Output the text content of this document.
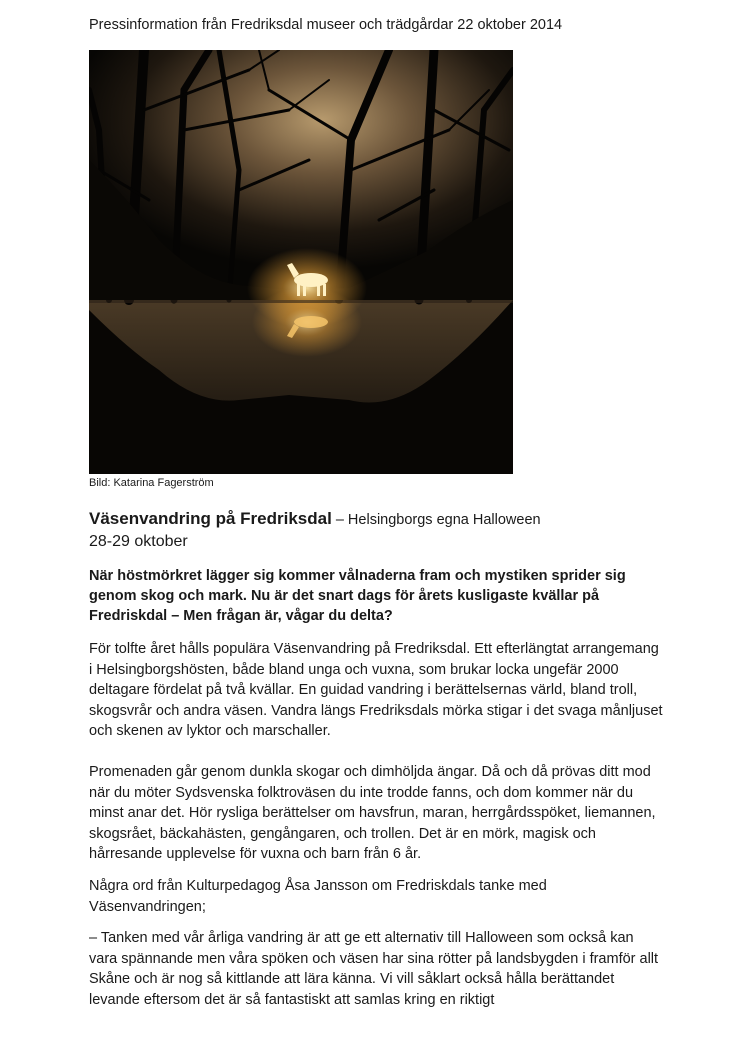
Pressinformation från Fredriksdal museer och trädgårdar 22 oktober 2014
Bild: Katarina Fagerström
Väsenvandring på Fredriksdal – Helsingborgs egna Halloween
28-29 oktober
När höstmörkret lägger sig kommer vålnaderna fram och mystiken sprider sig genom skog och mark. Nu är det snart dags för årets kusligaste kvällar på Fredriskdal – Men frågan är, vågar du delta?
För tolfte året hålls populära Väsenvandring på Fredriksdal. Ett efterlängtat arrangemang i Helsingborgshösten, både bland unga och vuxna, som brukar locka ungefär 2000 deltagare fördelat på två kvällar. En guidad vandring i berättelsernas värld, bland troll, skogsvrår och andra väsen. Vandra längs Fredriksdals mörka stigar i det svaga månljuset och skenen av lyktor och marschaller.
Promenaden går genom dunkla skogar och dimhöljda ängar. Då och då prövas ditt mod när du möter Sydsvenska folktroväsen du inte trodde fanns, och dom kommer när du minst anar det. Hör rysliga berättelser om havsfrun, maran, herrgårdsspöket, liemannen, skogsrået, bäckahästen, gengångaren, och trollen. Det är en mörk, magisk och hårresande upplevelse för vuxna och barn från 6 år.
Några ord från Kulturpedagog Åsa Jansson om Fredriskdals tanke med Väsenvandringen;
– Tanken med vår årliga vandring är att ge ett alternativ till Halloween som också kan vara spännande men våra spöken och väsen har sina rötter på landsbygden i framför allt Skåne och är nog så kittlande att lära känna. Vi vill såklart också hålla berättandet levande eftersom det är så fantastiskt att samlas kring en riktigt
